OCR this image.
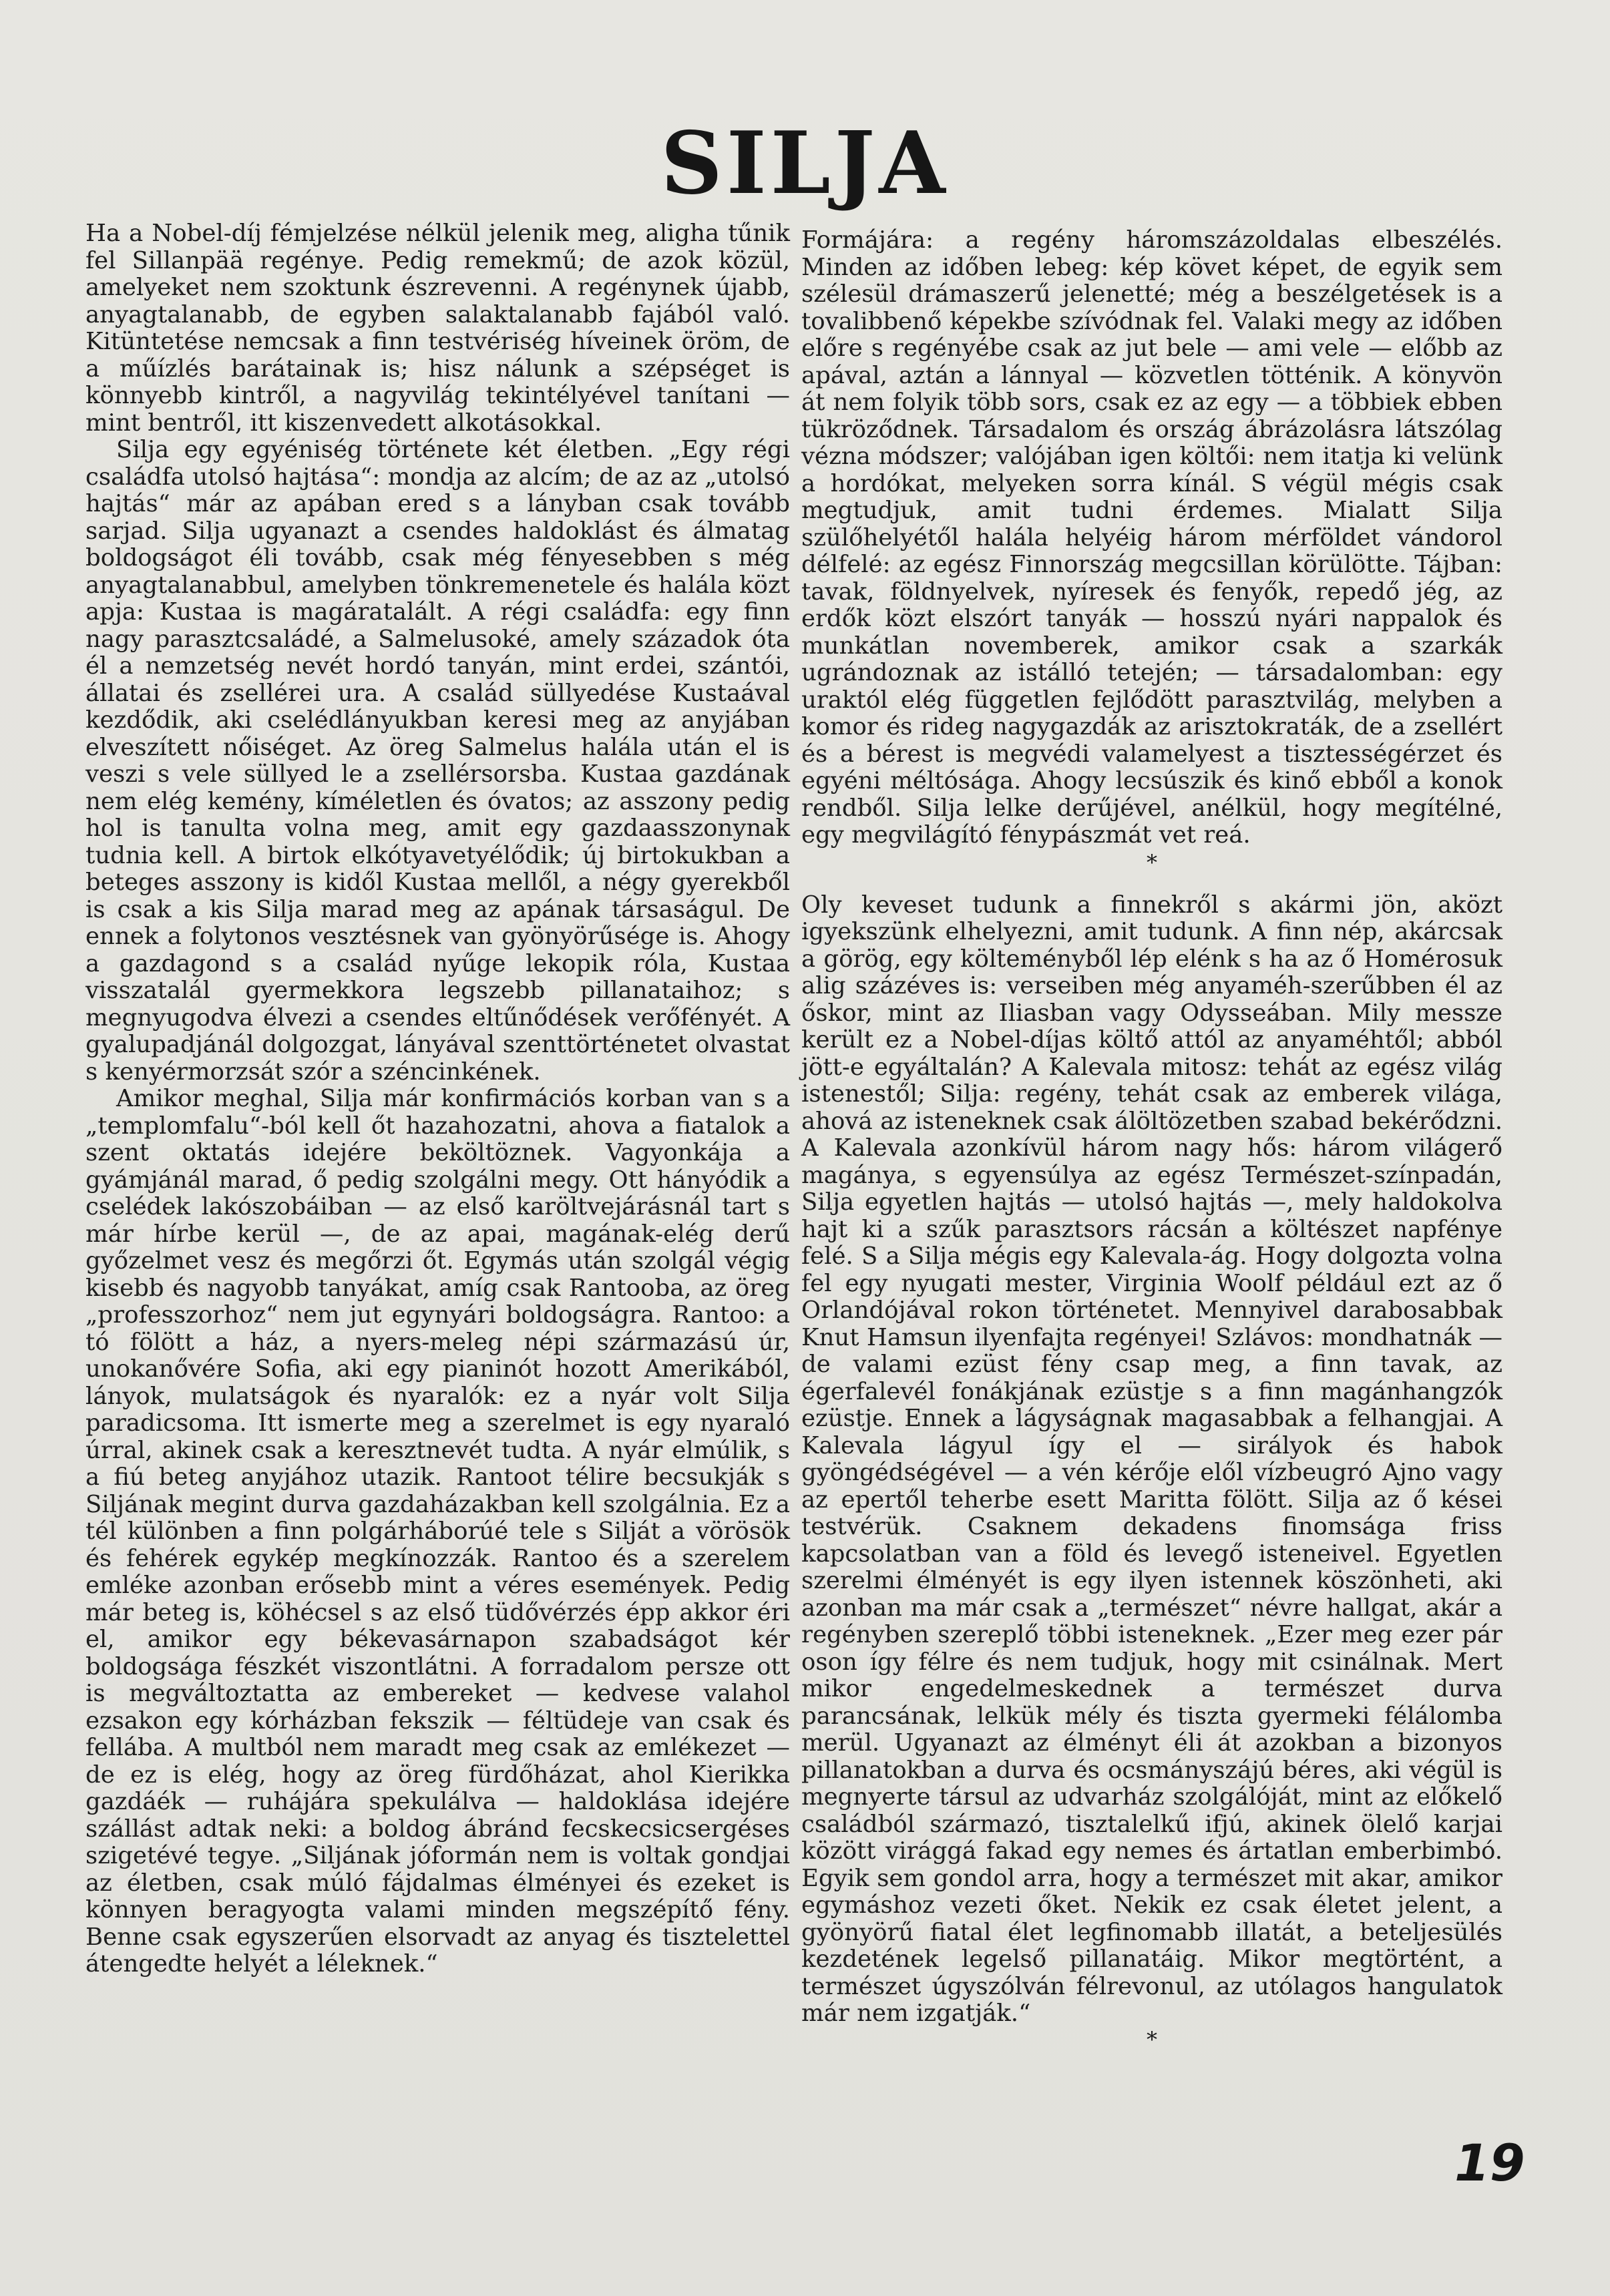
SILJA

Ha a Nobel-díj fémjelzése nélkül jelenik meg, aligha tűnik fel Sillanpää regénye. Pedig remekmű; de azok közül, amelyeket nem szoktunk észrevenni. A regénynek újabb, anyagtalanabb, de egyben salaktalanabb fajából való. Kitüntetése nemcsak a finn testvériség híveinek öröm, de a műízlés barátainak is; hisz nálunk a szépséget is könnyebb kintről, a nagyvilág tekintélyével tanítani — mint bentről, itt kiszenvedett alkotásokkal.

Silja egy egyéniség története két életben. „Egy régi családfa utolsó hajtása“: mondja az alcím; de az az „utolsó hajtás“ már az apában ered s a lányban csak tovább sarjad. Silja ugyanazt a csendes haldoklást és álmatag boldogságot éli tovább, csak még fényesebben s még anyagtalanabbul, amelyben tönkremenetele és halála közt apja: Kustaa is magáratalált. A régi családfa: egy finn nagy parasztcsaládé, a Salmelusoké, amely századok óta él a nemzetség nevét hordó tanyán, mint erdei, szántói, állatai és zsellérei ura. A család süllyedése Kustaával kezdődik, aki cselédlányukban keresi meg az anyjában elveszített nőiséget. Az öreg Salmelus halála után el is veszi s vele süllyed le a zsellérsorsba. Kustaa gazdának nem elég kemény, kíméletlen és óvatos; az asszony pedig hol is tanulta volna meg, amit egy gazdaasszonynak tudnia kell. A birtok elkótyavetyélődik; új birtokukban a beteges asszony is kidől Kustaa mellől, a négy gyerekből is csak a kis Silja marad meg az apának társaságul. De ennek a folytonos vesztésnek van gyönyörűsége is. Ahogy a gazdagond s a család nyűge lekopik róla, Kustaa visszatalál gyermekkora legszebb pillanataihoz; s megnyugodva élvezi a csendes eltűnődések verőfényét. A gyalupadjánál dolgozgat, lányával szenttörténetet olvastat s kenyérmorzsát szór a széncinkének.

Amikor meghal, Silja már konfirmációs korban van s a „templomfalu“-ból kell őt hazahozatni, ahova a fiatalok a szent oktatás idejére beköltöznek. Vagyonkája a gyámjánál marad, ő pedig szolgálni megy. Ott hányódik a cselédek lakószobáiban — az első karöltvejárásnál tart s már hírbe kerül —, de az apai, magának-elég derű győzelmet vesz és megőrzi őt. Egymás után szolgál végig kisebb és nagyobb tanyákat, amíg csak Rantooba, az öreg „professzorhoz“ nem jut egynyári boldogságra. Rantoo: a tó fölött a ház, a nyers-meleg népi származású úr, unokanővére Sofia, aki egy pianinót hozott Amerikából, lányok, mulatságok és nyaralók: ez a nyár volt Silja paradicsoma. Itt ismerte meg a szerelmet is egy nyaraló úrral, akinek csak a keresztnevét tudta. A nyár elmúlik, s a fiú beteg anyjához utazik. Rantoot télire becsukják s Siljának megint durva gazdaházakban kell szolgálnia. Ez a tél különben a finn polgárháborúé tele s Silját a vörösök és fehérek egykép megkínozzák. Rantoo és a szerelem emléke azonban erősebb mint a véres események. Pedig már beteg is, köhécsel s az első tüdővérzés épp akkor éri el, amikor egy békevasárnapon szabadságot kér boldogsága fészkét viszontlátni. A forradalom persze ott is megváltoztatta az embereket — kedvese valahol ezsakon egy kórházban fekszik — féltüdeje van csak és fellába. A multból nem maradt meg csak az emlékezet — de ez is elég, hogy az öreg fürdőházat, ahol Kierikka gazdáék — ruhájára spekulálva — haldoklása idejére szállást adtak neki: a boldog ábránd fecskecsicsergéses szigetévé tegye. „Siljának jóformán nem is voltak gondjai az életben, csak múló fájdalmas élményei és ezeket is könnyen beragyogta valami minden megszépítő fény. Benne csak egyszerűen elsorvadt az anyag és tisztelettel átengedte helyét a léleknek.“

Formájára: a regény háromszázoldalas elbeszélés. Minden az időben lebeg: kép követ képet, de egyik sem szélesül drámaszerű jelenetté; még a beszélgetések is a tovalibbenő képekbe szívódnak fel. Valaki megy az időben előre s regényébe csak az jut bele — ami vele — előbb az apával, aztán a lánnyal — közvetlen tötténik. A könyvön át nem folyik több sors, csak ez az egy — a többiek ebben tükröződnek. Társadalom és ország ábrázolásra látszólag vézna módszer; valójában igen költői: nem itatja ki velünk a hordókat, melyeken sorra kínál. S végül mégis csak megtudjuk, amit tudni érdemes. Mialatt Silja szülőhelyétől halála helyéig három mérföldet vándorol délfelé: az egész Finnország megcsillan körülötte. Tájban: tavak, földnyelvek, nyíresek és fenyők, repedő jég, az erdők közt elszórt tanyák — hosszú nyári nappalok és munkátlan novemberek, amikor csak a szarkák ugrándoznak az istálló tetején; — társadalomban: egy uraktól elég független fejlődött parasztvilág, melyben a komor és rideg nagygazdák az arisztokraták, de a zsellért és a bérest is megvédi valamelyest a tisztességérzet és egyéni méltósága. Ahogy lecsúszik és kinő ebből a konok rendből. Silja lelke derűjével, anélkül, hogy megítélné, egy megvilágító fénypászmát vet reá.

*

Oly keveset tudunk a finnekről s akármi jön, aközt igyekszünk elhelyezni, amit tudunk. A finn nép, akárcsak a görög, egy költeményből lép elénk s ha az ő Homérosuk alig százéves is: verseiben még anyaméh-szerűbben él az őskor, mint az Iliasban vagy Odysseában. Mily messze került ez a Nobel-díjas költő attól az anyaméhtől; abból jött-e egyáltalán? A Kalevala mitosz: tehát az egész világ istenestől; Silja: regény, tehát csak az emberek világa, ahová az isteneknek csak álöltözetben szabad bekérődzni. A Kalevala azonkívül három nagy hős: három világerő magánya, s egyensúlya az egész Természet-színpadán, Silja egyetlen hajtás — utolsó hajtás —, mely haldokolva hajt ki a szűk parasztsors rácsán a költészet napfénye felé. S a Silja mégis egy Kalevala-ág. Hogy dolgozta volna fel egy nyugati mester, Virginia Woolf például ezt az ő Orlandójával rokon történetet. Mennyivel darabosabbak Knut Hamsun ilyenfajta regényei! Szlávos: mondhatnák — de valami ezüst fény csap meg, a finn tavak, az égerfalevél fonákjának ezüstje s a finn magánhangzók ezüstje. Ennek a lágyságnak magasabbak a felhangjai. A Kalevala lágyul így el — sirályok és habok gyöngédségével — a vén kérője elől vízbeugró Ajno vagy az epertől teherbe esett Maritta fölött. Silja az ő kései testvérük. Csaknem dekadens finomságа friss kapcsolatban van a föld és levegő isteneivel. Egyetlen szerelmi élményét is egy ilyen istennek köszönheti, aki azonban ma már csak a „természet“ névre hallgat, akár a regényben szereplő többi isteneknek. „Ezer meg ezer pár oson így félre és nem tudjuk, hogy mit csinálnak. Mert mikor engedelmeskednek a természet durva parancsának, lelkük mély és tiszta gyermeki félálomba merül. Ugyanazt az élményt éli át azokban a bizonyos pillanatokban a durva és ocsmányszájú béres, aki végül is megnyerte társul az udvarház szolgálóját, mint az előkelő családból származó, tisztalelkű ifjú, akinek ölelő karjai között virággá fakad egy nemes és ártatlan emberbimbó. Egyik sem gondol arra, hogy a természet mit akar, amikor egymáshoz vezeti őket. Nekik ez csak életet jelent, a gyönyörű fiatal élet legfinomabb illatát, a beteljesülés kezdetének legelső pillanatáig. Mikor megtörtént, a természet úgyszólván félrevonul, az utólagos hangulatok már nem izgatják.“

*
19
